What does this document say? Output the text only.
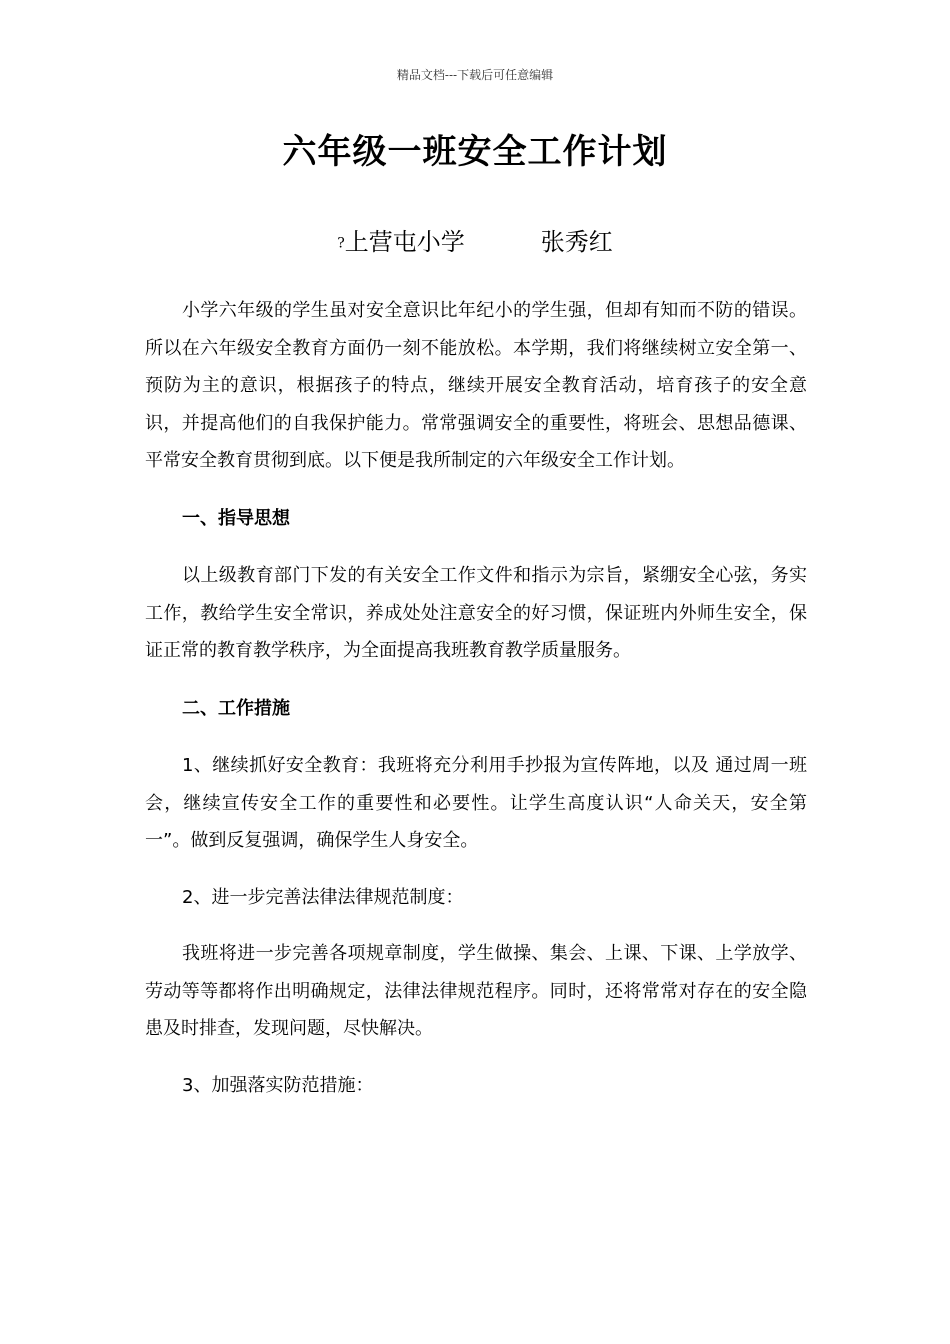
精品文档---下载后可任意编辑
六年级一班安全工作计划
?上营屯小学	张秀红

小学六年级的学生虽对安全意识比年纪小的学生强，但却有知而不防的错误。所以在六年级安全教育方面仍一刻不能放松。本学期，我们将继续树立安全第一、预防为主的意识，根据孩子的特点，继续开展安全教育活动，培育孩子的安全意识，并提高他们的自我保护能力。常常强调安全的重要性，将班会、思想品德课、平常安全教育贯彻到底。以下便是我所制定的六年级安全工作计划。

一、指导思想

以上级教育部门下发的有关安全工作文件和指示为宗旨，紧绷安全心弦，务实工作，教给学生安全常识，养成处处注意安全的好习惯，保证班内外师生安全，保证正常的教育教学秩序，为全面提高我班教育教学质量服务。

二、工作措施

1、继续抓好安全教育：我班将充分利用手抄报为宣传阵地，以及 通过周一班会，继续宣传安全工作的重要性和必要性。让学生高度认识“人命关天，安全第一”。做到反复强调，确保学生人身安全。

2、进一步完善法律法律规范制度：

我班将进一步完善各项规章制度，学生做操、集会、上课、下课、上学放学、劳动等等都将作出明确规定，法律法律规范程序。同时，还将常常对存在的安全隐患及时排查，发现问题，尽快解决。

3、加强落实防范措施：
